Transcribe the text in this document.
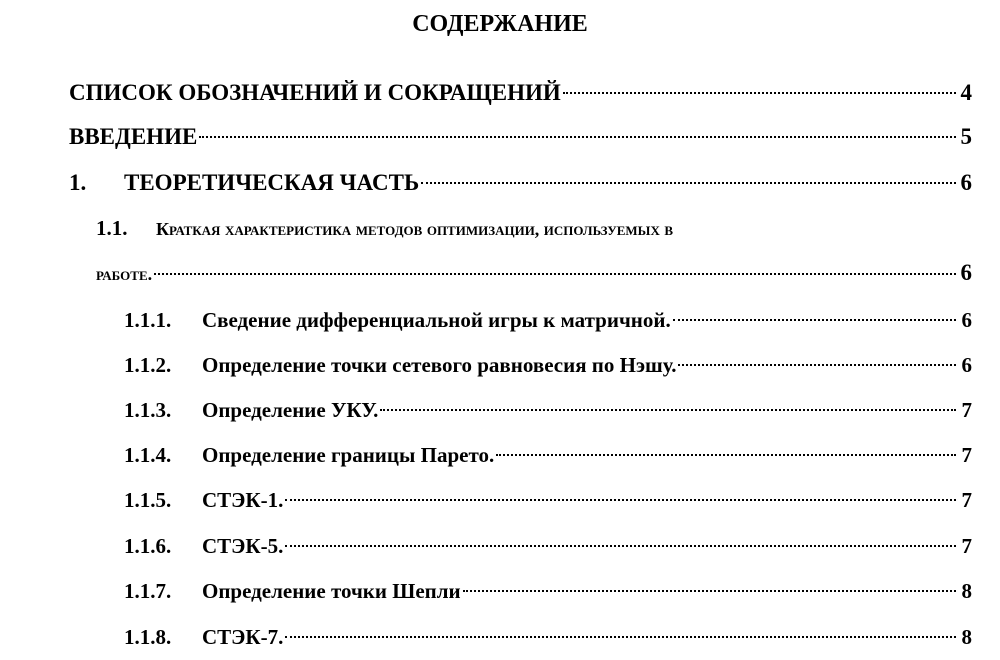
СОДЕРЖАНИЕ
СПИСОК ОБОЗНАЧЕНИЙ И СОКРАЩЕНИЙ	4
ВВЕДЕНИЕ	5
1.	ТЕОРЕТИЧЕСКАЯ ЧАСТЬ	6
1.1.	Краткая характеристика методов оптимизации, используемых в
работе.	6
1.1.1.	Сведение дифференциальной игры к матричной.	6
1.1.2.	Определение точки сетевого равновесия по Нэшу.	6
1.1.3.	Определение УКУ.	7
1.1.4.	Определение границы Парето.	7
1.1.5.	СТЭК-1.	7
1.1.6.	СТЭК-5.	7
1.1.7.	Определение точки Шепли	8
1.1.8.	СТЭК-7.	8
